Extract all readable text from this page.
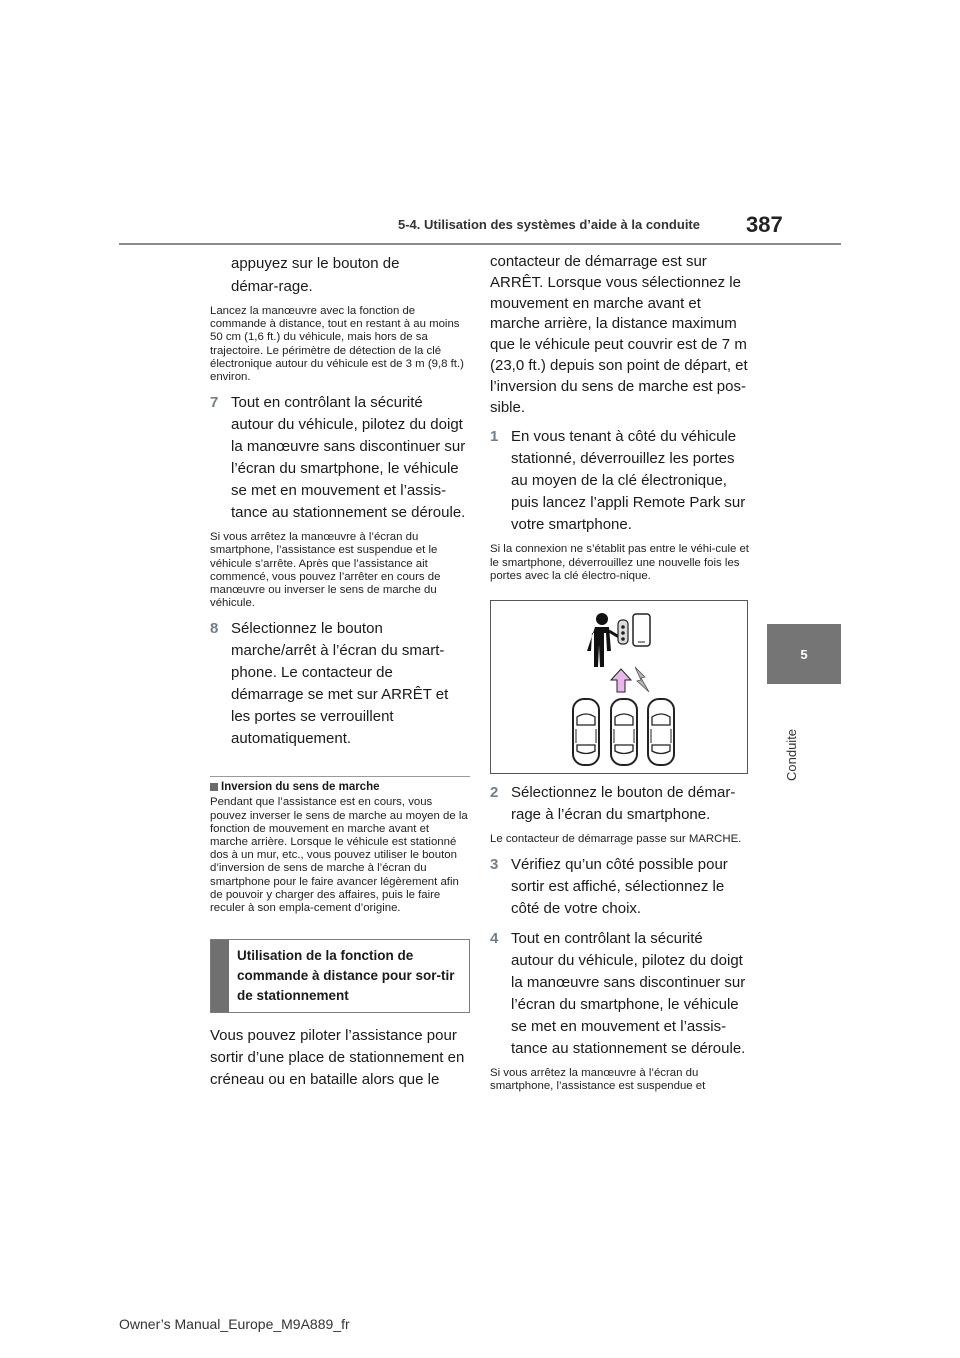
5-4. Utilisation des systèmes d’aide à la conduite 387
5
Conduite

appuyez sur le bouton de démar-rage.

Lancez la manœuvre avec la fonction de commande à distance, tout en restant à au moins 50 cm (1,6 ft.) du véhicule, mais hors de sa trajectoire. Le périmètre de détection de la clé électronique autour du véhicule est de 3 m (9,8 ft.) environ.

7 Tout en contrôlant la sécurité autour du véhicule, pilotez du doigt la manœuvre sans discontinuer sur l’écran du smartphone, le véhicule se met en mouvement et l’assis-tance au stationnement se déroule.

Si vous arrêtez la manœuvre à l’écran du smartphone, l’assistance est suspendue et le véhicule s’arrête. Après que l’assistance ait commencé, vous pouvez l’arrêter en cours de manœuvre ou inverser le sens de marche du véhicule.

8 Sélectionnez le bouton marche/arrêt à l’écran du smart-phone. Le contacteur de démarrage se met sur ARRÊT et les portes se verrouillent automatiquement.
Inversion du sens de marche

Pendant que l’assistance est en cours, vous pouvez inverser le sens de marche au moyen de la fonction de mouvement en marche avant et marche arrière. Lorsque le véhicule est stationné dos à un mur, etc., vous pouvez utiliser le bouton d’inversion de sens de marche à l’écran du smartphone pour le faire avancer légèrement afin de pouvoir y charger des affaires, puis le faire reculer à son empla-cement d’origine.

Utilisation de la fonction de commande à distance pour sor-tir de stationnement

Vous pouvez piloter l’assistance pour sortir d’une place de stationnement en créneau ou en bataille alors que le

contacteur de démarrage est sur ARRÊT. Lorsque vous sélectionnez le mouvement en marche avant et marche arrière, la distance maximum que le véhicule peut couvrir est de 7 m (23,0 ft.) depuis son point de départ, et l’inversion du sens de marche est pos-sible.

1 En vous tenant à côté du véhicule stationné, déverrouillez les portes au moyen de la clé électronique, puis lancez l’appli Remote Park sur votre smartphone.

Si la connexion ne s’établit pas entre le véhi-cule et le smartphone, déverrouillez une nouvelle fois les portes avec la clé électro-nique.

2 Sélectionnez le bouton de démar-rage à l’écran du smartphone.

Le contacteur de démarrage passe sur MARCHE.

3 Vérifiez qu’un côté possible pour sortir est affiché, sélectionnez le côté de votre choix.
4 Tout en contrôlant la sécurité autour du véhicule, pilotez du doigt la manœuvre sans discontinuer sur l’écran du smartphone, le véhicule se met en mouvement et l’assis-tance au stationnement se déroule.

Si vous arrêtez la manœuvre à l’écran du smartphone, l’assistance est suspendue et

Owner’s Manual_Europe_M9A889_fr
